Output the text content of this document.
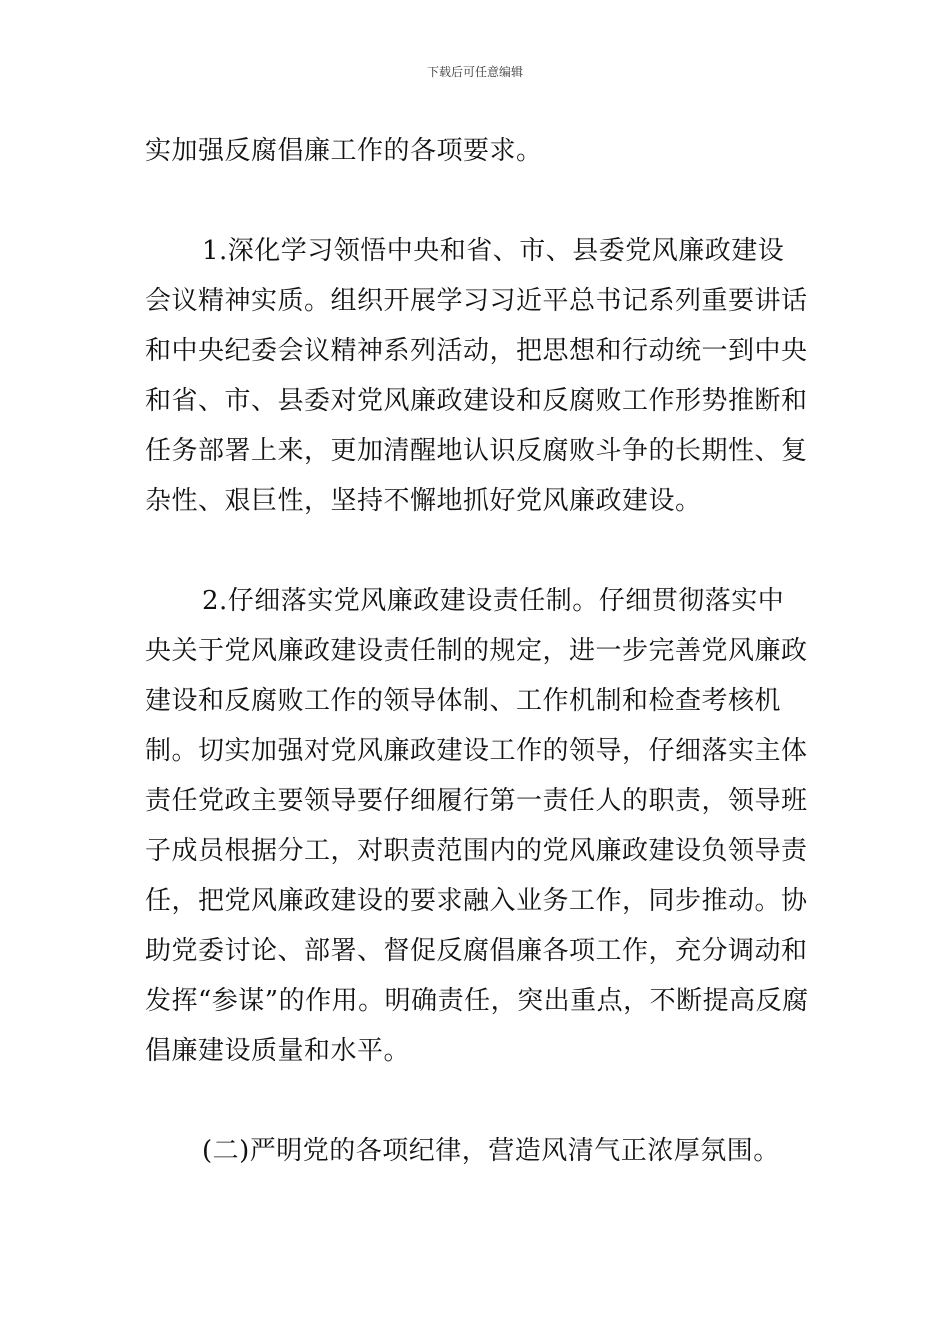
下载后可任意编辑

实加强反腐倡廉工作的各项要求。

1.深化学习领悟中央和省、市、县委党风廉政建设会议精神实质。组织开展学习习近平总书记系列重要讲话和中央纪委会议精神系列活动，把思想和行动统一到中央和省、市、县委对党风廉政建设和反腐败工作形势推断和任务部署上来，更加清醒地认识反腐败斗争的长期性、复杂性、艰巨性，坚持不懈地抓好党风廉政建设。

2.仔细落实党风廉政建设责任制。仔细贯彻落实中央关于党风廉政建设责任制的规定，进一步完善党风廉政建设和反腐败工作的领导体制、工作机制和检查考核机制。切实加强对党风廉政建设工作的领导，仔细落实主体责任党政主要领导要仔细履行第一责任人的职责，领导班子成员根据分工，对职责范围内的党风廉政建设负领导责任，把党风廉政建设的要求融入业务工作，同步推动。协助党委讨论、部署、督促反腐倡廉各项工作，充分调动和发挥“参谋”的作用。明确责任，突出重点，不断提高反腐倡廉建设质量和水平。

(二)严明党的各项纪律，营造风清气正浓厚氛围。
